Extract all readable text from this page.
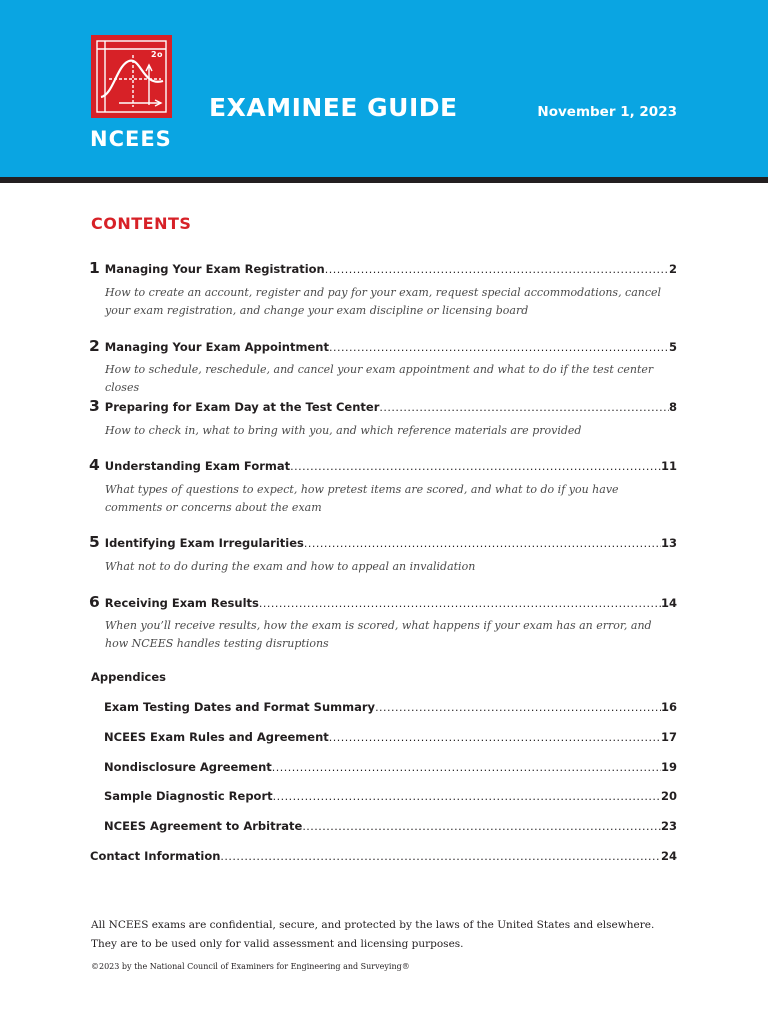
2 o
NCEES
EXAMINEE GUIDE	November 1, 2023
CONTENTS
1 Managing Your Exam Registration .....	2
How to create an account, register and pay for your exam, request special accommodations, cancel your exam registration, and change your exam discipline or licensing board
2 Managing Your Exam Appointment .....	5
How to schedule, reschedule, and cancel your exam appointment and what to do if the test center closes
3 Preparing for Exam Day at the Test Center .....	8
How to check in, what to bring with you, and which reference materials are provided
4 Understanding Exam Format .....	11
What types of questions to expect, how pretest items are scored, and what to do if you have comments or concerns about the exam
5 Identifying Exam Irregularities .....	13
What not to do during the exam and how to appeal an invalidation
6 Receiving Exam Results .....	14
When you’ll receive results, how the exam is scored, what happens if your exam has an error, and how NCEES handles testing disruptions
Appendices
Exam Testing Dates and Format Summary .....	16
NCEES Exam Rules and Agreement .....	17
Nondisclosure Agreement .....	19
Sample Diagnostic Report .....	20
NCEES Agreement to Arbitrate .....	23
Contact Information .....	24
All NCEES exams are confidential, secure, and protected by the laws of the United States and elsewhere. They are to be used only for valid assessment and licensing purposes.
©2023 by the National Council of Examiners for Engineering and Surveying®
